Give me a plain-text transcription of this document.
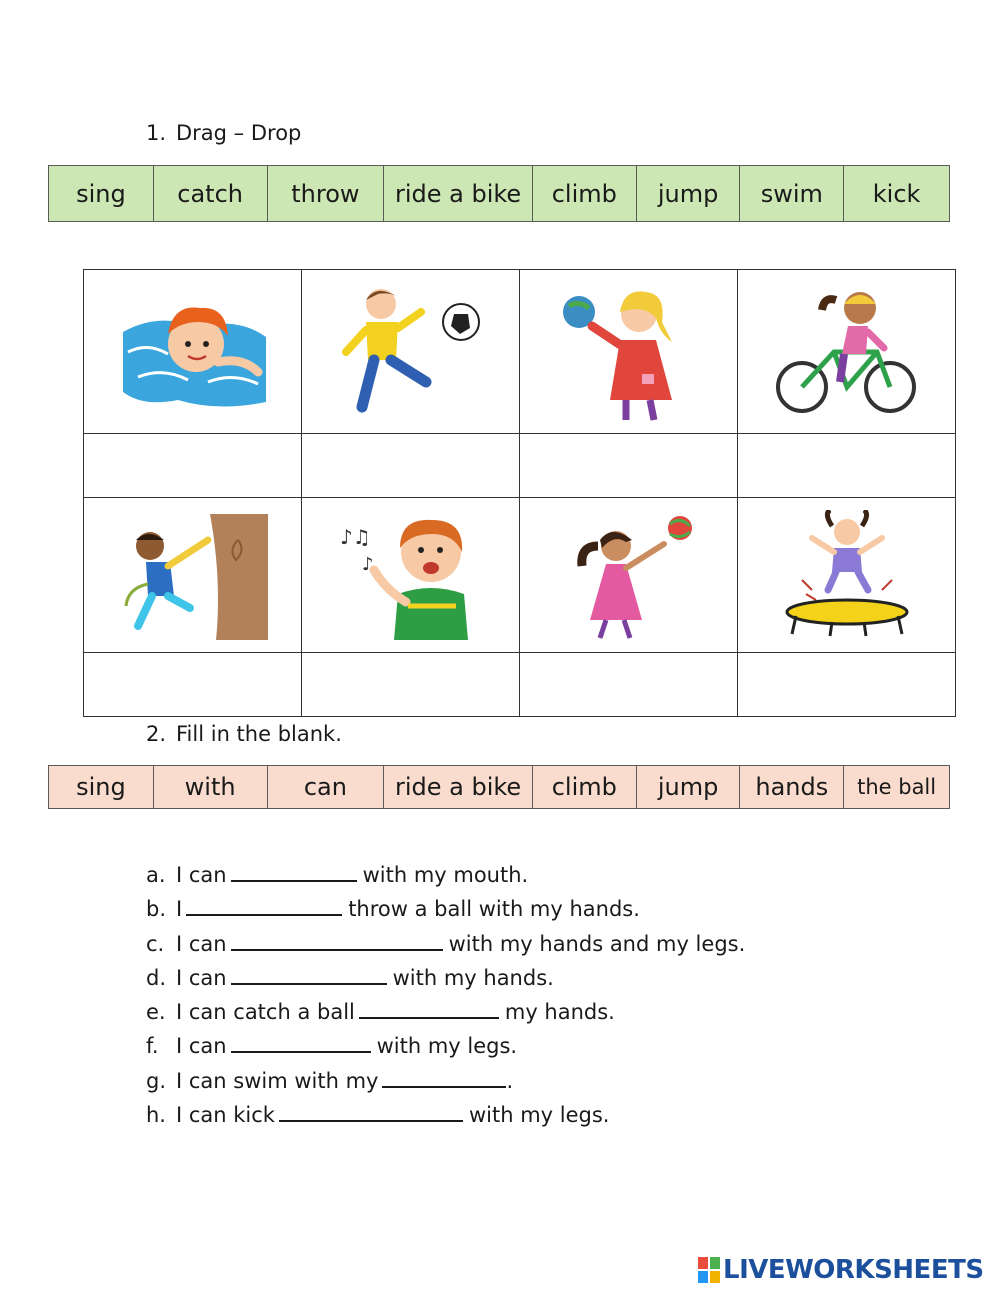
1. Drag – Drop
sing	catch	throw	ride a bike	climb	jump	swim	kick

♪♫
♪

2. Fill in the blank.
sing	with	can	ride a bike	climb	jump	hands	the ball
a. I can	with my mouth.
b. I	throw a ball with my hands.
c. I can	with my hands and my legs.
d. I can	with my hands.
e. I can catch a ball	my hands.
f. I can	with my legs.
g. I can swim with my	.
h. I can kick	with my legs.
LIVEWORKSHEETS
